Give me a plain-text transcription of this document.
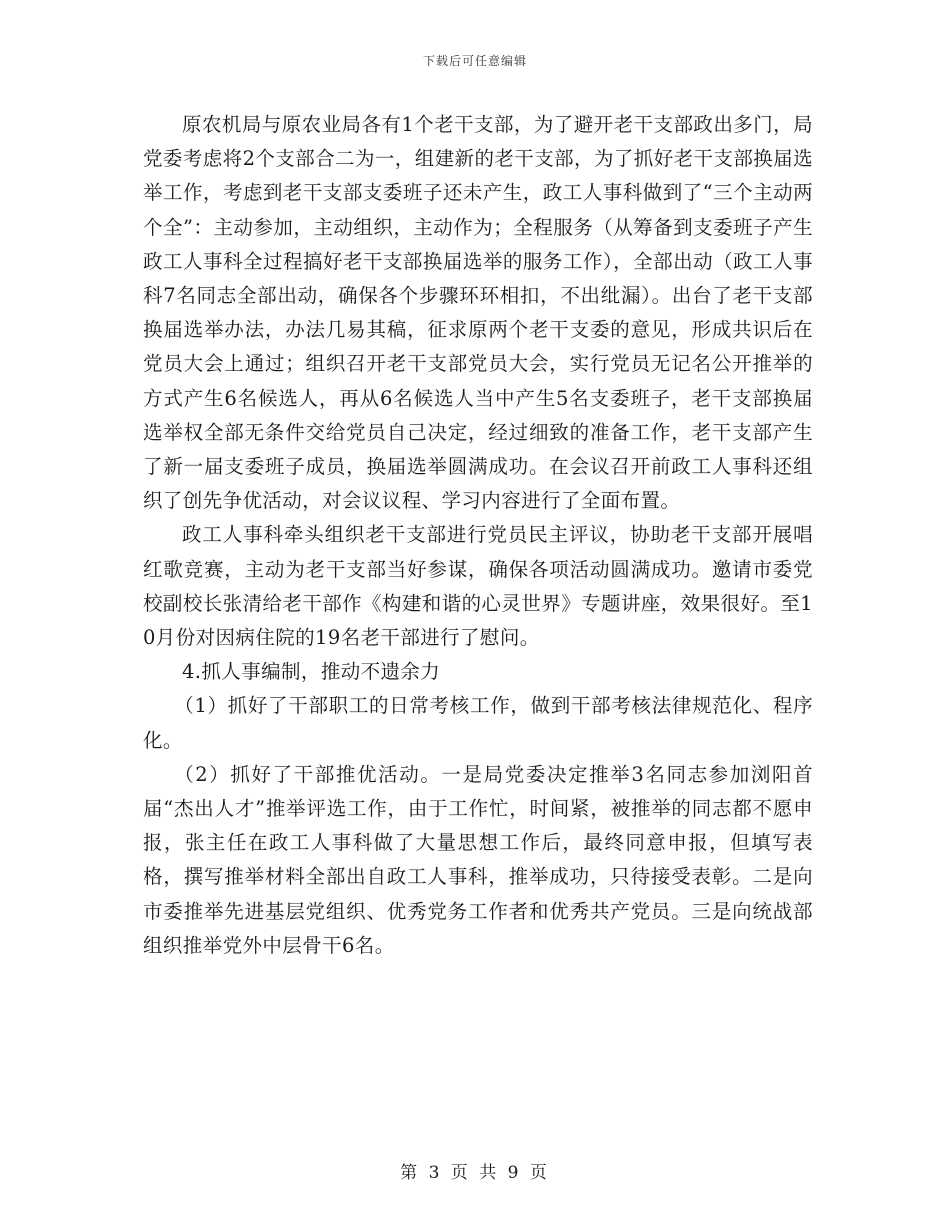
下载后可任意编辑

原农机局与原农业局各有1个老干支部，为了避开老干支部政出多门，局党委考虑将2个支部合二为一，组建新的老干支部，为了抓好老干支部换届选举工作，考虑到老干支部支委班子还未产生，政工人事科做到了“三个主动两个全”：主动参加，主动组织，主动作为；全程服务（从筹备到支委班子产生政工人事科全过程搞好老干支部换届选举的服务工作），全部出动（政工人事科7名同志全部出动，确保各个步骤环环相扣，不出纰漏）。出台了老干支部换届选举办法，办法几易其稿，征求原两个老干支委的意见，形成共识后在党员大会上通过；组织召开老干支部党员大会，实行党员无记名公开推举的方式产生6名候选人，再从6名候选人当中产生5名支委班子，老干支部换届选举权全部无条件交给党员自己决定，经过细致的准备工作，老干支部产生了新一届支委班子成员，换届选举圆满成功。在会议召开前政工人事科还组织了创先争优活动，对会议议程、学习内容进行了全面布置。

政工人事科牵头组织老干支部进行党员民主评议，协助老干支部开展唱红歌竞赛，主动为老干支部当好参谋，确保各项活动圆满成功。邀请市委党校副校长张清给老干部作《构建和谐的心灵世界》专题讲座，效果很好。至10月份对因病住院的19名老干部进行了慰问。

4.抓人事编制，推动不遗余力

（1）抓好了干部职工的日常考核工作，做到干部考核法律规范化、程序化。

（2）抓好了干部推优活动。一是局党委决定推举3名同志参加浏阳首届“杰出人才”推举评选工作，由于工作忙，时间紧，被推举的同志都不愿申报，张主任在政工人事科做了大量思想工作后，最终同意申报，但填写表格，撰写推举材料全部出自政工人事科，推举成功，只待接受表彰。二是向市委推举先进基层党组织、优秀党务工作者和优秀共产党员。三是向统战部组织推举党外中层骨干6名。

第 3 页 共 9 页
